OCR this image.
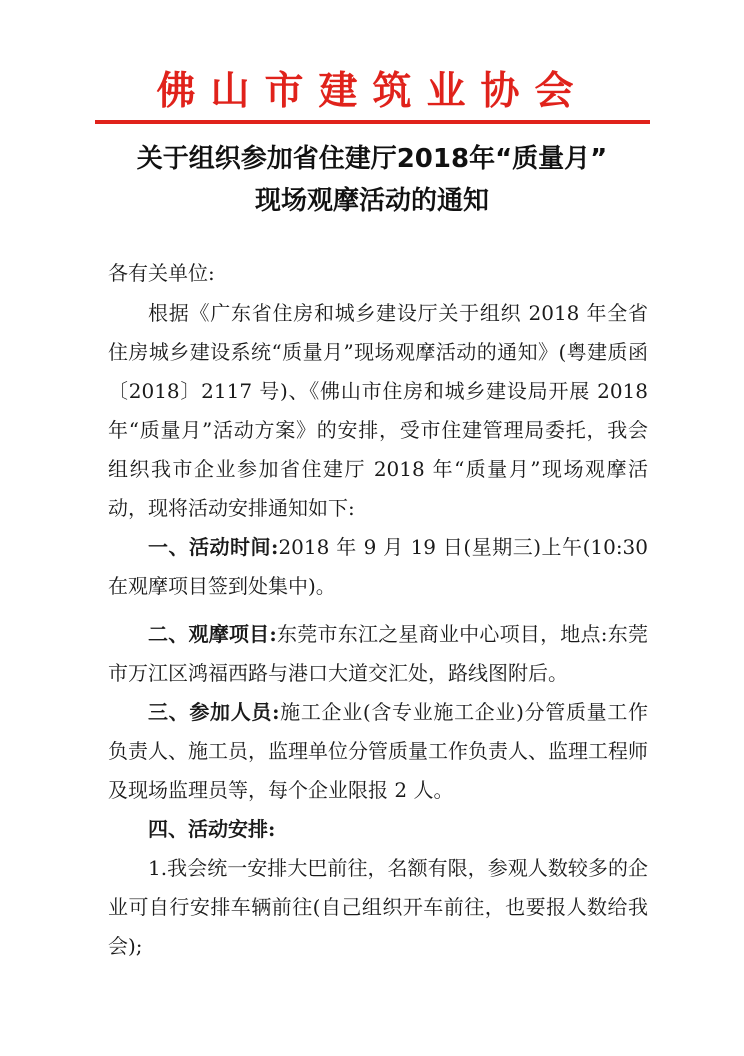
佛山市建筑业协会
关于组织参加省住建厅2018年“质量月”
现场观摩活动的通知
各有关单位:

根据《广东省住房和城乡建设厅关于组织 2018 年全省住房城乡建设系统“质量月”现场观摩活动的通知》(粤建质函〔2018〕2117 号)、《佛山市住房和城乡建设局开展 2018年“质量月”活动方案》的安排，受市住建管理局委托，我会组织我市企业参加省住建厅 2018 年“质量月”现场观摩活动，现将活动安排通知如下:

一、活动时间:2018 年 9 月 19 日(星期三)上午(10:30在观摩项目签到处集中)。

二、观摩项目:东莞市东江之星商业中心项目，地点:东莞市万江区鸿福西路与港口大道交汇处，路线图附后。

三、参加人员:施工企业(含专业施工企业)分管质量工作负责人、施工员，监理单位分管质量工作负责人、监理工程师及现场监理员等，每个企业限报 2 人。

四、活动安排:

1.我会统一安排大巴前往，名额有限，参观人数较多的企业可自行安排车辆前往(自己组织开车前往，也要报人数给我会);
